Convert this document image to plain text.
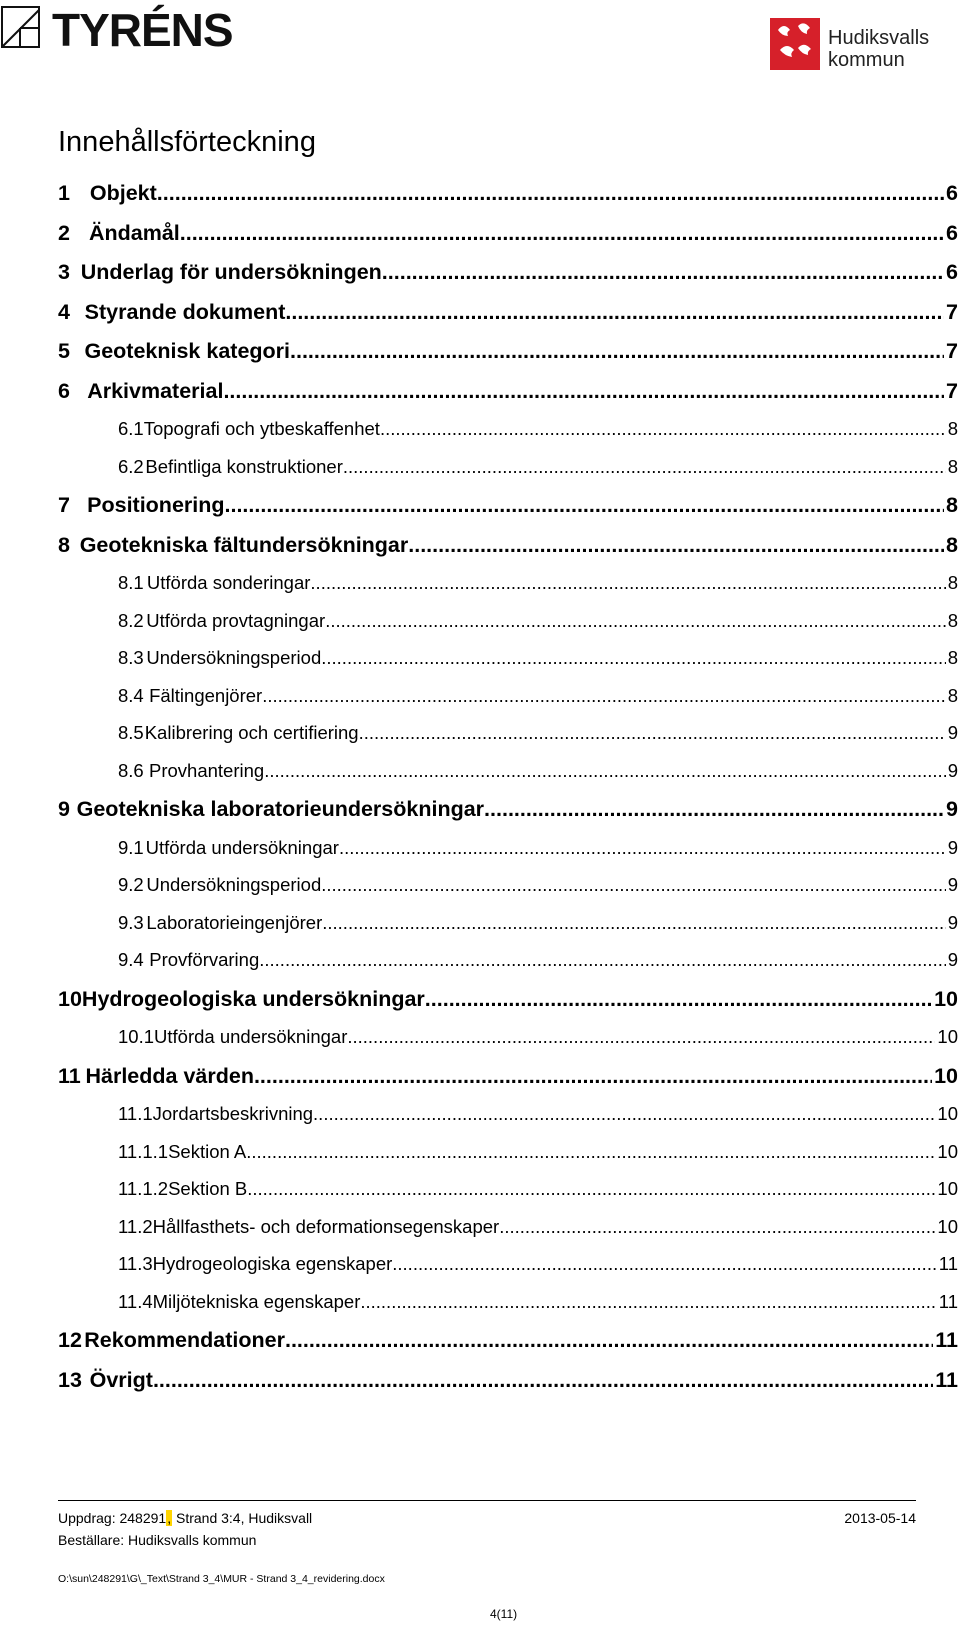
TYRÉNS	Hudiksvalls
kommun
Innehållsförteckning
1 Objekt .....	6
2 Ändamål .....	6
3 Underlag för undersökningen .....	6
4 Styrande dokument .....	7
5 Geoteknisk kategori .....	7
6 Arkivmaterial .....	7
6.1 Topografi och ytbeskaffenhet .....	8
6.2 Befintliga konstruktioner .....	8
7 Positionering .....	8
8 Geotekniska fältundersökningar .....	8
8.1 Utförda sonderingar .....	8
8.2 Utförda provtagningar .....	8
8.3 Undersökningsperiod .....	8
8.4 Fältingenjörer .....	8
8.5 Kalibrering och certifiering .....	9
8.6 Provhantering .....	9
9 Geotekniska laboratorieundersökningar .....	9
9.1 Utförda undersökningar .....	9
9.2 Undersökningsperiod .....	9
9.3 Laboratorieingenjörer .....	9
9.4 Provförvaring .....	9
10 Hydrogeologiska undersökningar .....	10
10.1 Utförda undersökningar .....	10
11 Härledda värden .....	10
11.1 Jordartsbeskrivning .....	10
11.1.1 Sektion A .....	10
11.1.2 Sektion B .....	10
11.2 Hållfasthets- och deformationsegenskaper .....	10
11.3 Hydrogeologiska egenskaper .....	11
11.4 Miljötekniska egenskaper .....	11
12 Rekommendationer .....	11
13 Övrigt .....	11
Uppdrag: 248291, Strand 3:4, Hudiksvall	2013-05-14
Beställare: Hudiksvalls kommun
O:\sun\248291\G\_Text\Strand 3_4\MUR - Strand 3_4_revidering.docx
4(11)
